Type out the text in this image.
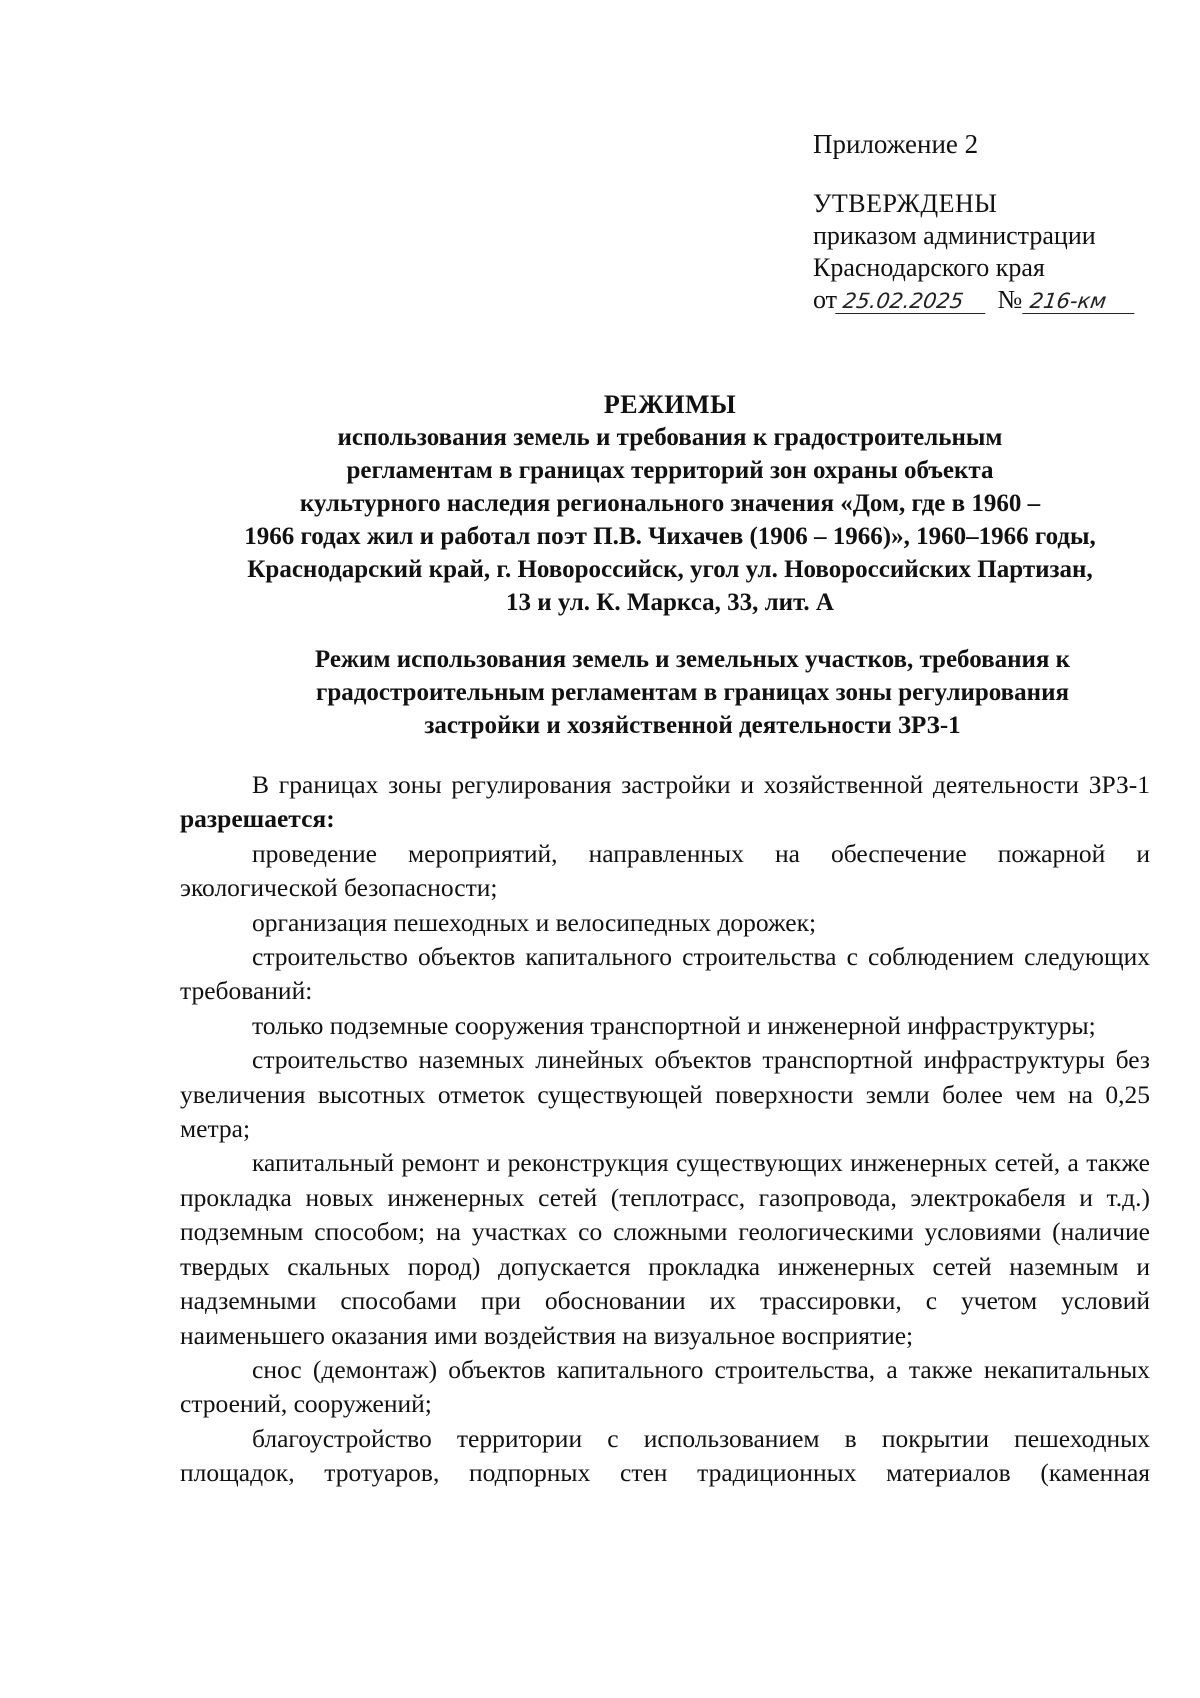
Приложение 2
УТВЕРЖДЕНЫ
приказом администрации
Краснодарского края
от 25.02.2025 № 216-км
РЕЖИМЫ
использования земель и требования к градостроительным
регламентам в границах территорий зон охраны объекта
культурного наследия регионального значения «Дом, где в 1960 –
1966 годах жил и работал поэт П.В. Чихачев (1906 – 1966)», 1960–1966 годы,
Краснодарский край, г. Новороссийск, угол ул. Новороссийских Партизан,
13 и ул. К. Маркса, 33, лит. А
Режим использования земель и земельных участков, требования к
градостроительным регламентам в границах зоны регулирования
застройки и хозяйственной деятельности ЗРЗ-1

В границах зоны регулирования застройки и хозяйственной деятельности ЗРЗ-1 разрешается:

проведение мероприятий, направленных на обеспечение пожарной и экологической безопасности;

организация пешеходных и велосипедных дорожек;

строительство объектов капитального строительства с соблюдением следующих требований:

только подземные сооружения транспортной и инженерной инфраструктуры;

строительство наземных линейных объектов транспортной инфраструктуры без увеличения высотных отметок существующей поверхности земли более чем на 0,25 метра;

капитальный ремонт и реконструкция существующих инженерных сетей, а также прокладка новых инженерных сетей (теплотрасс, газопровода, электрокабеля и т.д.) подземным способом; на участках со сложными геологическими условиями (наличие твердых скальных пород) допускается прокладка инженерных сетей наземным и надземными способами при обосновании их трассировки, с учетом условий наименьшего оказания ими воздействия на визуальное восприятие;

снос (демонтаж) объектов капитального строительства, а также некапитальных строений, сооружений;

благоустройство территории с использованием в покрытии пешеходных площадок, тротуаров, подпорных стен традиционных материалов (каменная
